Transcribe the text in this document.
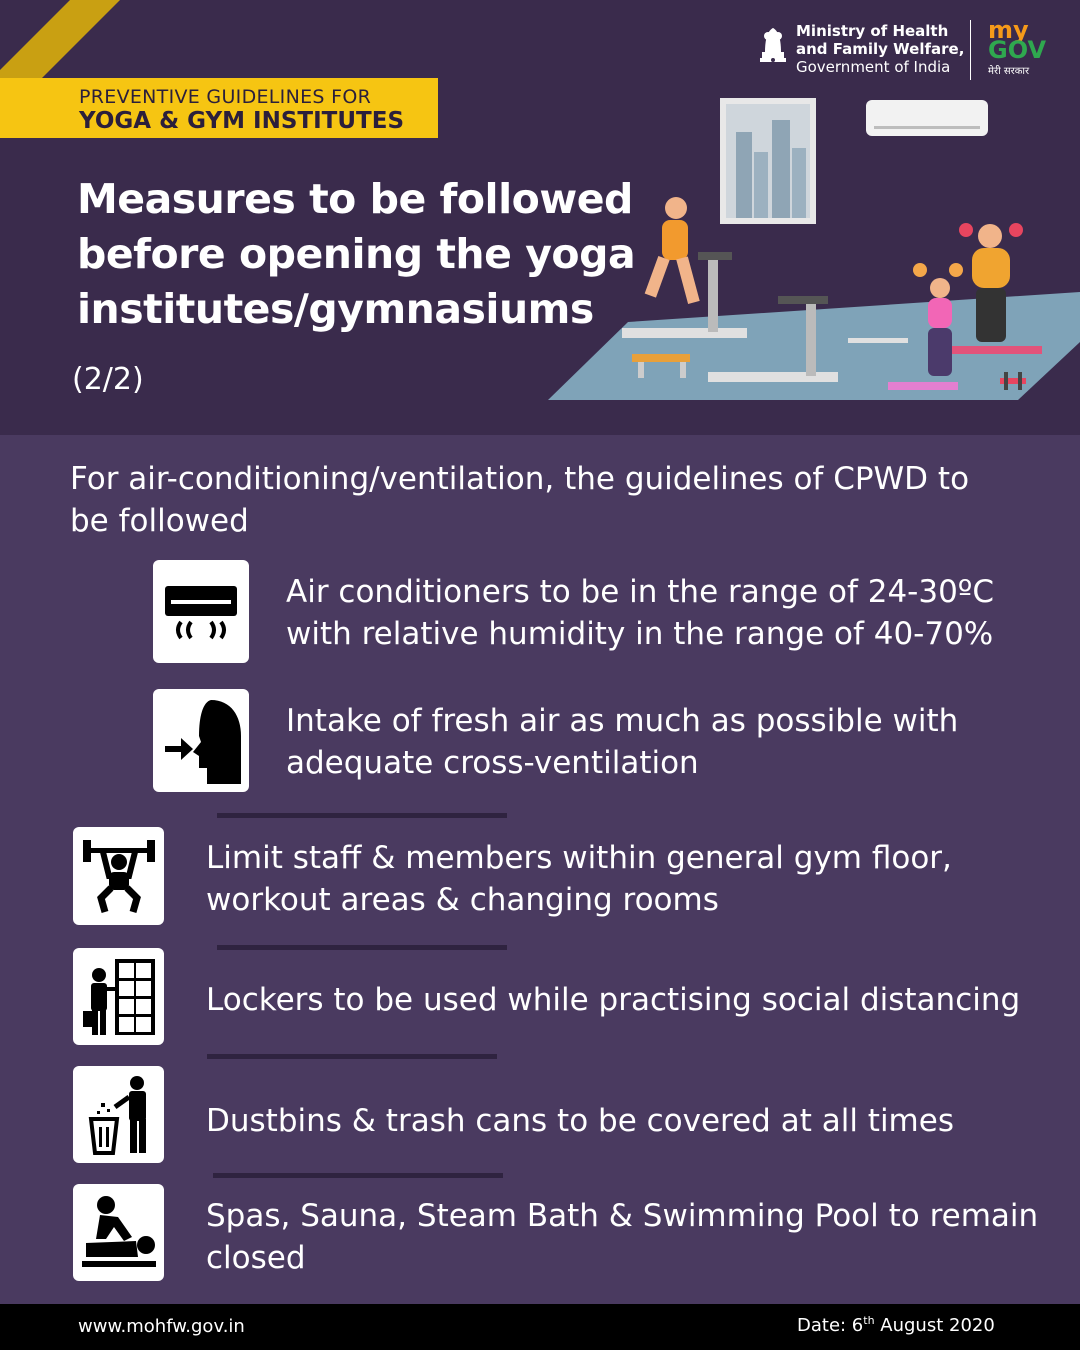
PREVENTIVE GUIDELINES FOR
YOGA & GYM INSTITUTES
Ministry of Health
and Family Welfare,
Government of India
my
GOV
मेरी सरकार
Measures to be followed
before opening the yoga
institutes/gymnasiums
(2/2)
For air-conditioning/ventilation, the guidelines of CPWD to be followed
Air conditioners to be in the range of 24-30ºC with relative humidity in the range of 40-70%
Intake of fresh air as much as possible with adequate cross-ventilation
Limit staff & members within general gym floor, workout areas & changing rooms
Lockers to be used while practising social distancing
Dustbins & trash cans to be covered at all times
Spas, Sauna, Steam Bath & Swimming Pool to remain closed
www.mohfw.gov.in	Date: 6th August 2020
